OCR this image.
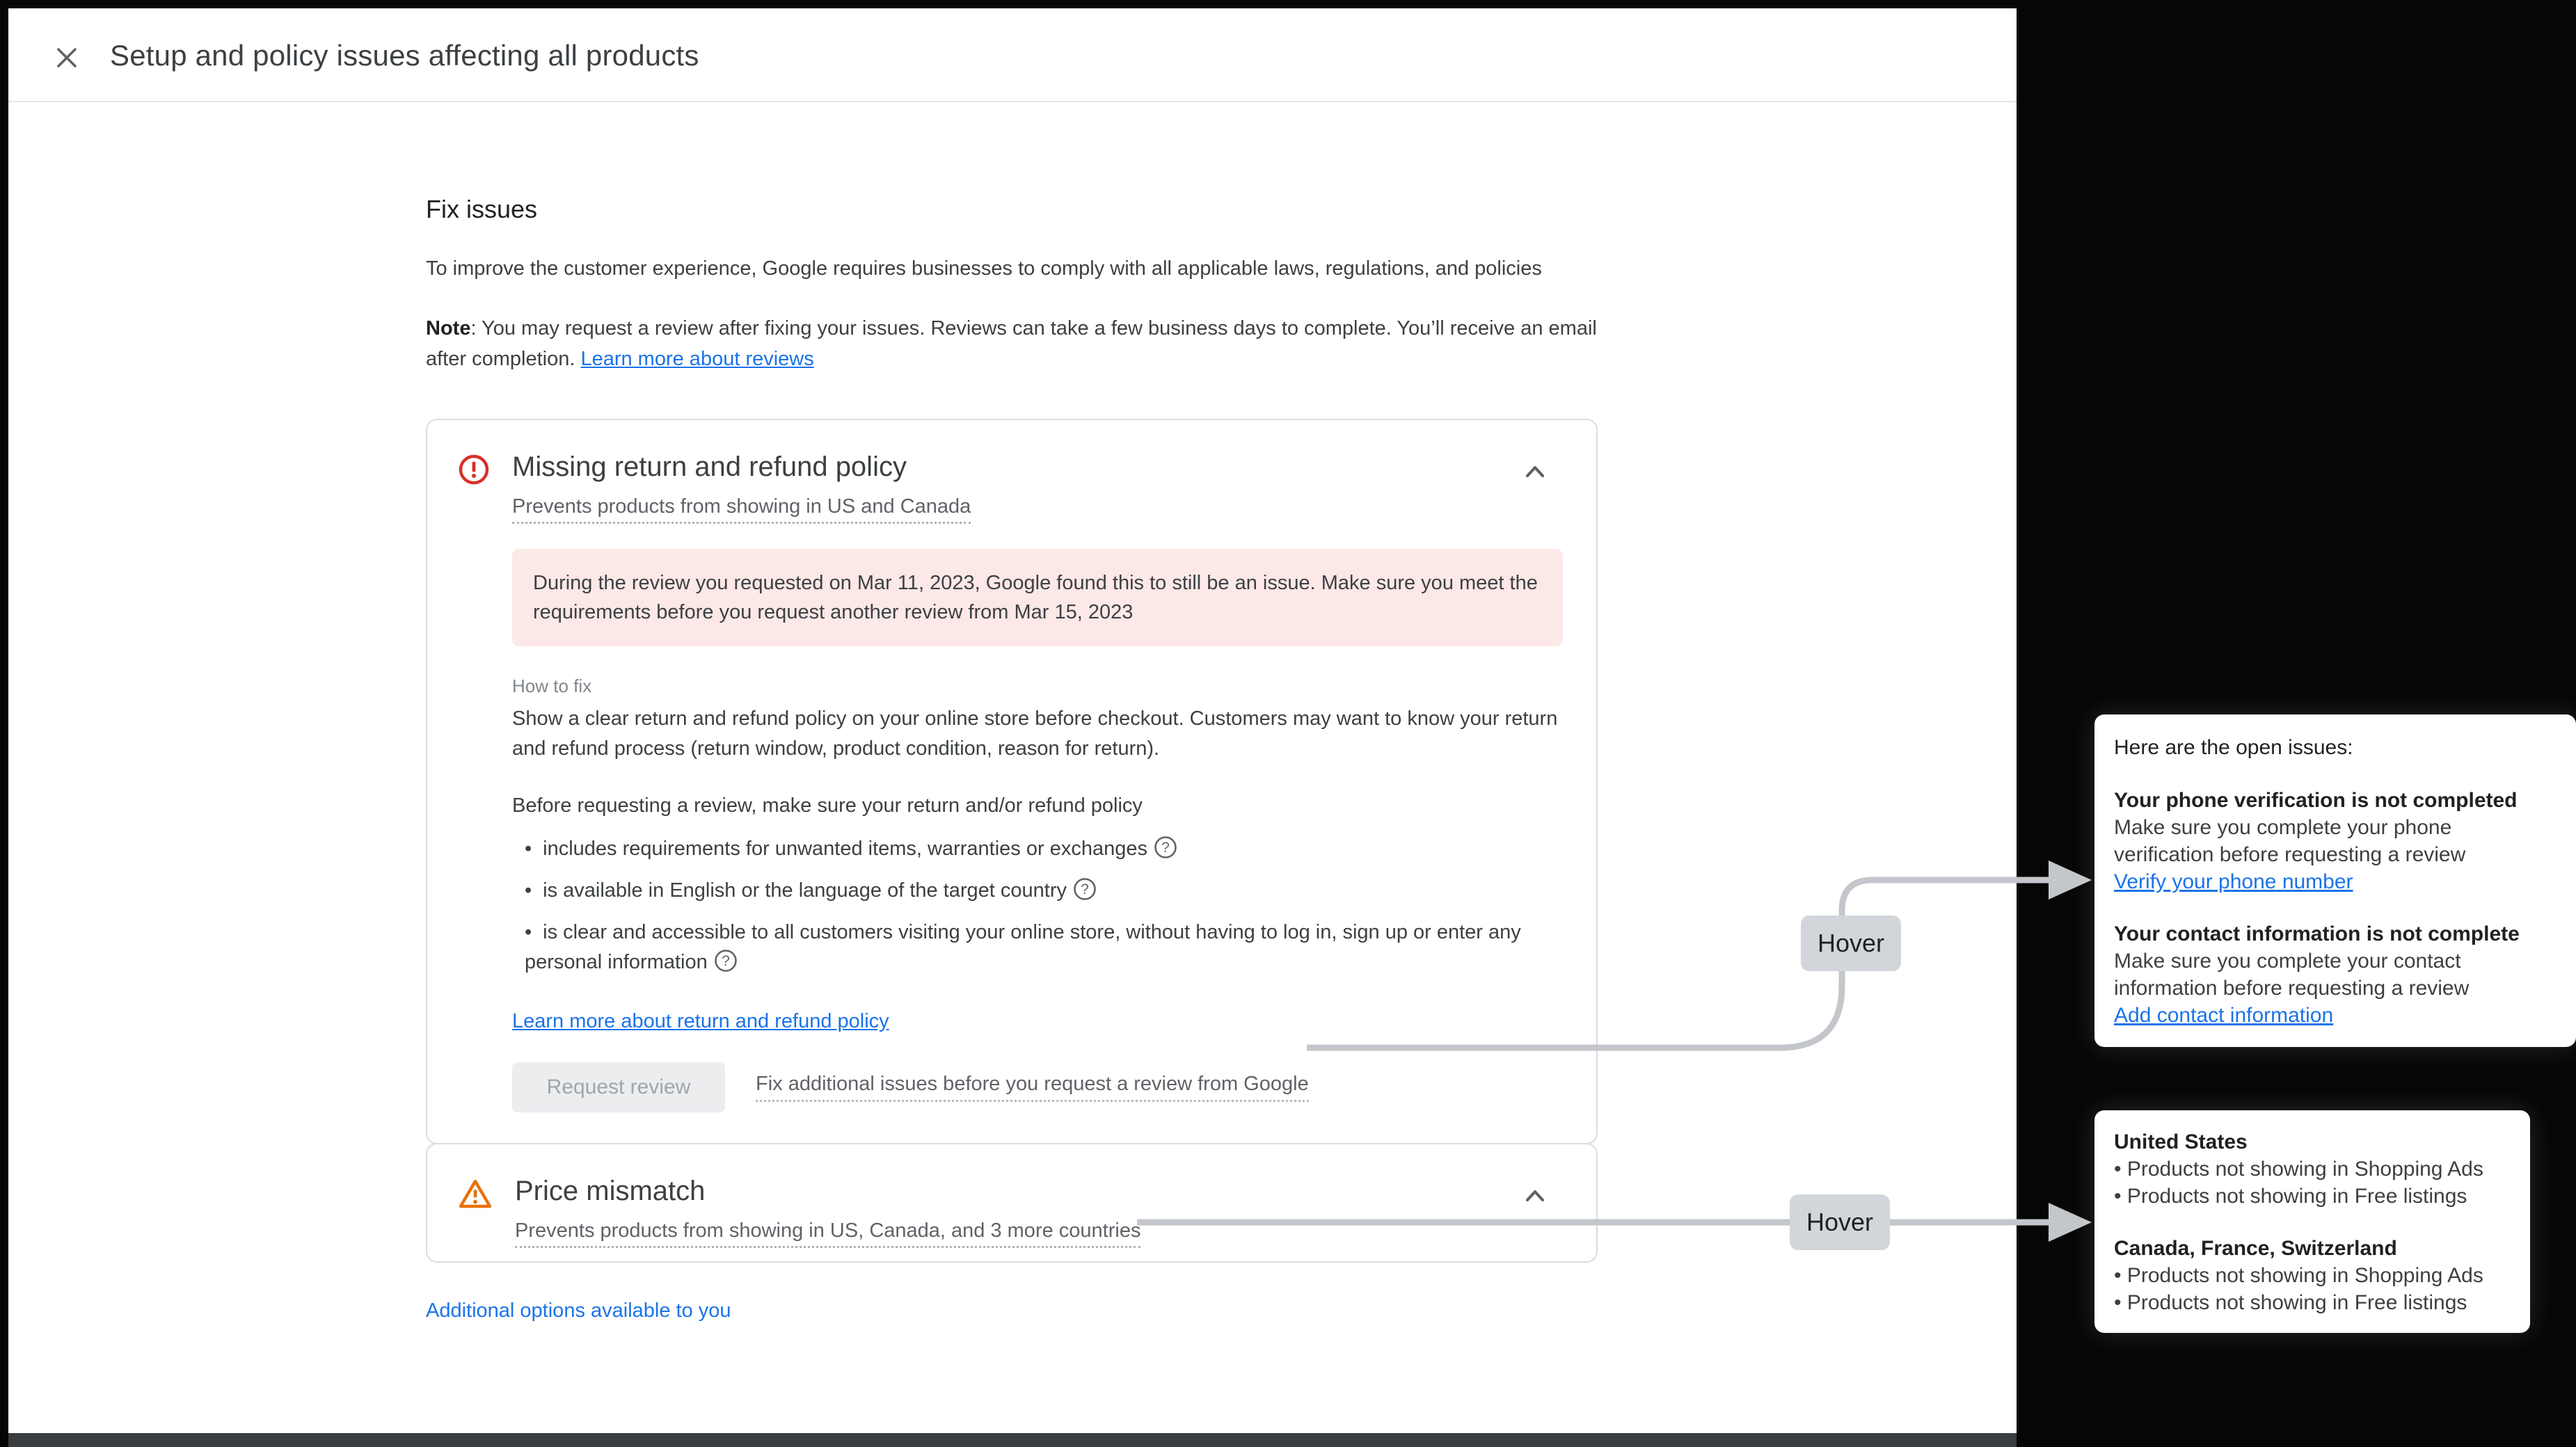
Setup and policy issues affecting all products
Fix issues

To improve the customer experience, Google requires businesses to comply with all applicable laws, regulations, and policies

Note: You may request a review after fixing your issues. Reviews can take a few business days to complete. You’ll receive an email after completion. Learn more about reviews

Missing return and refund policy
Prevents products from showing in US and Canada
During the review you requested on Mar 11, 2023, Google found this to still be an issue. Make sure you meet the requirements before you request another review from Mar 15, 2023
How to fix

Show a clear return and refund policy on your online store before checkout. Customers may want to know your return and refund process (return window, product condition, reason for return).

Before requesting a review, make sure your return and/or refund policy

• includes requirements for unwanted items, warranties or exchanges ?
• is available in English or the language of the target country ?
• is clear and accessible to all customers visiting your online store, without having to log in, sign up or enter any personal information ?
Learn more about return and refund policy
Request review	Fix additional issues before you request a review from Google
Price mismatch
Prevents products from showing in US, Canada, and 3 more countries
Additional options available to you
Hover
Hover

Here are the open issues:

Your phone verification is not completed

Make sure you complete your phone verification before requesting a review

Verify your phone number
Your contact information is not complete

Make sure you complete your contact information before requesting a review

Add contact information
United States
• Products not showing in Shopping Ads
• Products not showing in Free listings
Canada, France, Switzerland
• Products not showing in Shopping Ads
• Products not showing in Free listings
